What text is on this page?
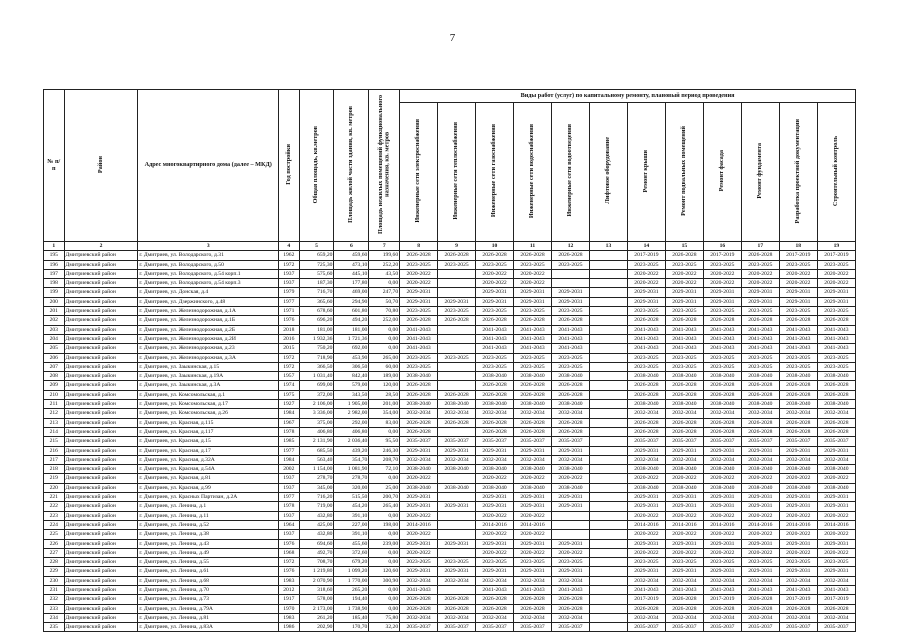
7
№ п/п	Район	Адрес многоквартирного дома (далее – МКД)	Год постройки	Общая площадь, кв.метров	Площадь жилой части здания, кв. метров	Площадь нежилых помещений функционального назначения, кв. метров	Виды работ (услуг) по капитальному ремонту, плановый период проведения											
							Инженерные сети электроснабжения	Инженерные сети теплоснабжения	Инженерные сети газоснабжения	Инженерные сети водоснабжения	Инженерные сети водоотведения	Лифтовое оборудование	Ремонт крыши	Ремонт подвальных помещений	Ремонт фасада	Ремонт фундамента	Разработка проектной документации	Строительный контроль
1	2	3	4	5	6	7	8	9	10	11	12	13	14	15	16	17	18	19
195	Дмитриевский район	г. Дмитриев, ул. Володарского, д.31	1962	659,20	459,60	199,60	2026-2028	2026-2028	2026-2028	2026-2028	2026-2028		2017-2019	2026-2028	2017-2019	2026-2028	2017-2019	2017-2019
196	Дмитриевский район	г. Дмитриев, ул. Володарского, д.50	1972	725,30	473,10	252,20	2023-2025	2023-2025	2023-2025	2023-2025	2023-2025		2023-2025	2023-2025	2023-2025	2023-2025	2023-2025	2023-2025
197	Дмитриевский район	г. Дмитриев, ул. Володарского, д.54 корп.1	1937	575,60	445,10	43,50	2020-2022		2020-2022	2020-2022			2020-2022	2020-2022	2020-2022	2020-2022	2020-2022	2020-2022
198	Дмитриевский район	г. Дмитриев, ул. Володарского, д.54 корп.3	1937	187,30	177,80	0,00	2020-2022		2020-2022	2020-2022			2020-2022	2020-2022	2020-2022	2020-2022	2020-2022	2020-2022
199	Дмитриевский район	г. Дмитриев, ул. Донская, д.4	1979	716,70	469,00	247,70	2029-2031		2029-2031	2029-2031	2029-2031		2029-2031	2029-2031	2029-2031	2029-2031	2029-2031	2029-2031
200	Дмитриевский район	г. Дмитриев, ул. Дзержинского, д.48	1977	365,60	294,90	50,70	2029-2031	2029-2031	2029-2031	2029-2031	2029-2031		2029-2031	2029-2031	2029-2031	2029-2031	2029-2031	2029-2031
201	Дмитриевский район	г. Дмитриев, ул. Железнодорожная, д.1А	1971	678,60	601,80	70,80	2023-2025	2023-2025	2023-2025	2023-2025	2023-2025		2023-2025	2023-2025	2023-2025	2023-2025	2023-2025	2023-2025
202	Дмитриевский район	г. Дмитриев, ул. Железнодорожная, д.1Б	1976	696,20	494,20	252,00	2026-2028	2026-2028	2026-2028	2026-2028	2026-2028		2026-2028	2026-2028	2026-2028	2026-2028	2026-2028	2026-2028
203	Дмитриевский район	г. Дмитриев, ул. Железнодорожная, д.2Б	2018	181,00	181,00	0,00	2041-2043		2041-2043	2041-2043	2041-2043		2041-2043	2041-2043	2041-2043	2041-2043	2041-2043	2041-2043
204	Дмитриевский район	г. Дмитриев, ул. Железнодорожная, д.2И	2016	1 932,36	1 721,36	0,00	2041-2043		2041-2043	2041-2043	2041-2043		2041-2043	2041-2043	2041-2043	2041-2043	2041-2043	2041-2043
205	Дмитриевский район	г. Дмитриев, ул. Железнодорожная, д.23	2015	750,20	692,00	0,00	2041-2043		2041-2043	2041-2043	2041-2043		2041-2043	2041-2043	2041-2043	2041-2043	2041-2043	2041-2043
206	Дмитриевский район	г. Дмитриев, ул. Железнодорожная, д.3А	1972	718,90	453,90	265,00	2023-2025	2023-2025	2023-2025	2023-2025	2023-2025		2023-2025	2023-2025	2023-2025	2023-2025	2023-2025	2023-2025
207	Дмитриевский район	г. Дмитриев, ул. Заыкинская, д.15	1972	366,50	306,50	60,00	2023-2025		2023-2025	2023-2025	2023-2025		2023-2025	2023-2025	2023-2025	2023-2025	2023-2025	2023-2025
208	Дмитриевский район	г. Дмитриев, ул. Заыкинская, д.19А	1957	1 031,40	842,40	189,00	2038-2040		2038-2040	2038-2040	2038-2040		2038-2040	2038-2040	2038-2040	2038-2040	2038-2040	2038-2040
209	Дмитриевский район	г. Дмитриев, ул. Заыкинская, д.3А	1974	699,00	579,00	120,00	2026-2028		2026-2028	2026-2028	2026-2028		2026-2028	2026-2028	2026-2028	2026-2028	2026-2028	2026-2028
210	Дмитриевский район	г. Дмитриев, ул. Комсомольская, д.1	1975	372,00	343,50	28,50	2026-2028	2026-2028	2026-2028	2026-2028	2026-2028		2026-2028	2026-2028	2026-2028	2026-2028	2026-2028	2026-2028
211	Дмитриевский район	г. Дмитриев, ул. Комсомольская, д.17	1927	2 106,00	1 905,00	201,00	2038-2040	2038-2040	2038-2040	2038-2040	2038-2040		2038-2040	2038-2040	2038-2040	2038-2040	2038-2040	2038-2040
212	Дмитриевский район	г. Дмитриев, ул. Комсомольская, д.26	1984	3 336,00	2 982,00	354,00	2032-2034	2032-2034	2032-2034	2032-2034	2032-2034		2032-2034	2032-2034	2032-2034	2032-2034	2032-2034	2032-2034
213	Дмитриевский район	г. Дмитриев, ул. Красная, д.115	1967	375,00	292,00	83,00	2026-2028	2026-2028	2026-2028	2026-2028	2026-2028		2026-2028	2026-2028	2026-2028	2026-2028	2026-2028	2026-2028
214	Дмитриевский район	г. Дмитриев, ул. Красная, д.117	1978	406,80	406,80	0,00	2026-2028		2026-2028	2026-2028	2026-2028		2026-2028	2026-2028	2026-2028	2026-2028	2026-2028	2026-2028
215	Дмитриевский район	г. Дмитриев, ул. Красная, д.15	1985	2 131,90	2 036,40	95,50	2035-2037	2035-2037	2035-2037	2035-2037	2035-2037		2035-2037	2035-2037	2035-2037	2035-2037	2035-2037	2035-2037
216	Дмитриевский район	г. Дмитриев, ул. Красная, д.17	1977	685,50	439,20	246,30	2029-2031	2029-2031	2029-2031	2029-2031	2029-2031		2029-2031	2029-2031	2029-2031	2029-2031	2029-2031	2029-2031
217	Дмитриевский район	г. Дмитриев, ул. Красная, д.32А	1984	563,40	354,70	208,70	2032-2034	2032-2034	2032-2034	2032-2034	2032-2034		2032-2034	2032-2034	2032-2034	2032-2034	2032-2034	2032-2034
218	Дмитриевский район	г. Дмитриев, ул. Красная, д.54А	2002	1 154,00	1 081,90	72,10	2038-2040	2038-2040	2038-2040	2038-2040	2038-2040		2038-2040	2038-2040	2038-2040	2038-2040	2038-2040	2038-2040
219	Дмитриевский район	г. Дмитриев, ул. Красная, д.81	1937	278,70	278,70	0,00	2020-2022		2020-2022	2020-2022	2020-2022		2020-2022	2020-2022	2020-2022	2020-2022	2020-2022	2020-2022
220	Дмитриевский район	г. Дмитриев, ул. Красная, д.99	1937	345,00	320,00	25,00	2038-2040	2038-2040	2038-2040	2038-2040	2038-2040		2038-2040	2038-2040	2038-2040	2038-2040	2038-2040	2038-2040
221	Дмитриевский район	г. Дмитриев, ул. Красных Партизан, д.2А	1977	716,20	515,50	200,70	2029-2031		2029-2031	2029-2031	2029-2031		2029-2031	2029-2031	2029-2031	2029-2031	2029-2031	2029-2031
222	Дмитриевский район	г. Дмитриев, ул. Ленина, д.1	1978	719,00	454,20	265,40	2029-2031	2029-2031	2029-2031	2029-2031	2029-2031		2029-2031	2029-2031	2029-2031	2029-2031	2029-2031	2029-2031
223	Дмитриевский район	г. Дмитриев, ул. Ленина, д.11	1937	432,80	391,10	0,00	2020-2022		2020-2022	2020-2022			2020-2022	2020-2022	2020-2022	2020-2022	2020-2022	2020-2022
224	Дмитриевский район	г. Дмитриев, ул. Ленина, д.52	1964	425,00	227,00	198,00	2014-2016		2014-2016	2014-2016			2014-2016	2014-2016	2014-2016	2014-2016	2014-2016	2014-2016
225	Дмитриевский район	г. Дмитриев, ул. Ленина, д.38	1937	432,80	391,10	0,00	2020-2022		2020-2022	2020-2022			2020-2022	2020-2022	2020-2022	2020-2022	2020-2022	2020-2022
226	Дмитриевский район	г. Дмитриев, ул. Ленина, д.43	1976	694,60	455,60	239,00	2029-2031	2029-2031	2029-2031	2029-2031	2029-2031		2029-2031	2029-2031	2029-2031	2029-2031	2029-2031	2029-2031
227	Дмитриевский район	г. Дмитриев, ул. Ленина, д.49	1968	492,70	372,60	0,00	2020-2022		2020-2022	2020-2022	2020-2022		2020-2022	2020-2022	2020-2022	2020-2022	2020-2022	2020-2022
228	Дмитриевский район	г. Дмитриев, ул. Ленина, д.55	1972	708,70	679,20	0,00	2023-2025	2023-2025	2023-2025	2023-2025	2023-2025		2023-2025	2023-2025	2023-2025	2023-2025	2023-2025	2023-2025
229	Дмитриевский район	г. Дмитриев, ул. Ленина, д.61	1976	1 219,80	1 099,20	120,60	2029-2031	2029-2031	2029-2031	2029-2031	2029-2031		2029-2031	2029-2031	2029-2031	2029-2031	2029-2031	2029-2031
230	Дмитриевский район	г. Дмитриев, ул. Ленина, д.68	1983	2 070,90	1 770,00	300,90	2032-2034	2032-2034	2032-2034	2032-2034	2032-2034		2032-2034	2032-2034	2032-2034	2032-2034	2032-2034	2032-2034
231	Дмитриевский район	г. Дмитриев, ул. Ленина, д.70	2012	318,60	265,20	0,00	2041-2043		2041-2043	2041-2043	2041-2043		2041-2043	2041-2043	2041-2043	2041-2043	2041-2043	2041-2043
232	Дмитриевский район	г. Дмитриев, ул. Ленина, д.73	1917	578,00	194,40	0,00	2026-2028	2026-2028	2026-2028	2026-2028	2026-2028		2017-2019	2026-2028	2017-2019	2026-2028	2017-2019	2017-2019
233	Дмитриевский район	г. Дмитриев, ул. Ленина, д.79А	1970	2 173,00	1 738,90	0,00	2026-2028	2026-2028	2026-2028	2026-2028	2026-2028		2026-2028	2026-2028	2026-2028	2026-2028	2026-2028	2026-2028
234	Дмитриевский район	г. Дмитриев, ул. Ленина, д.81	1983	261,20	185,40	75,80	2032-2034	2032-2034	2032-2034	2032-2034	2032-2034		2032-2034	2032-2034	2032-2034	2032-2034	2032-2034	2032-2034
235	Дмитриевский район	г. Дмитриев, ул. Ленина, д.83А	1986	202,90	170,70	32,20	2035-2037	2035-2037	2035-2037	2035-2037	2035-2037		2035-2037	2035-2037	2035-2037	2035-2037	2035-2037	2035-2037
